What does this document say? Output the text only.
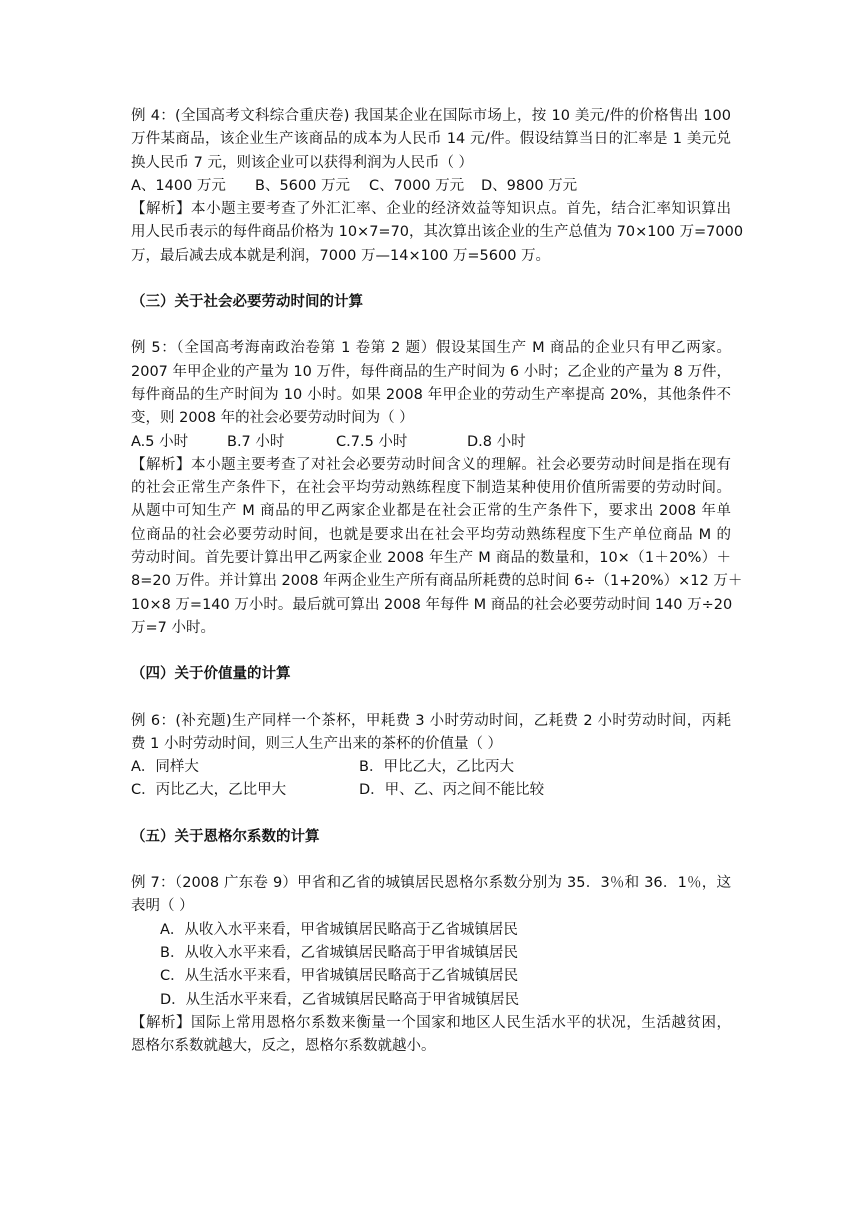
例 4：(全国高考文科综合重庆卷) 我国某企业在国际市场上，按 10 美元/件的价格售出 100

万件某商品，该企业生产该商品的成本为人民币 14 元/件。假设结算当日的汇率是 1 美元兑

换人民币 7 元，则该企业可以获得利润为人民币（ ）

A、1400 万元 B、5600 万元 C、7000 万元 D、9800 万元

【解析】本小题主要考查了外汇汇率、企业的经济效益等知识点。首先，结合汇率知识算出

用人民币表示的每件商品价格为 10×7=70，其次算出该企业的生产总值为 70×100 万=7000

万，最后减去成本就是利润，7000 万—14×100 万=5600 万。

（三）关于社会必要劳动时间的计算

例 5：（全国高考海南政治卷第 1 卷第 2 题）假设某国生产 M 商品的企业只有甲乙两家。

2007 年甲企业的产量为 10 万件，每件商品的生产时间为 6 小时；乙企业的产量为 8 万件，

每件商品的生产时间为 10 小时。如果 2008 年甲企业的劳动生产率提高 20%，其他条件不

变，则 2008 年的社会必要劳动时间为（ ）

A.5 小时	B.7 小时	C.7.5 小时	D.8 小时

【解析】本小题主要考查了对社会必要劳动时间含义的理解。社会必要劳动时间是指在现有

的社会正常生产条件下，在社会平均劳动熟练程度下制造某种使用价值所需要的劳动时间。

从题中可知生产 M 商品的甲乙两家企业都是在社会正常的生产条件下，要求出 2008 年单

位商品的社会必要劳动时间，也就是要求出在社会平均劳动熟练程度下生产单位商品 M 的

劳动时间。首先要计算出甲乙两家企业 2008 年生产 M 商品的数量和，10×（1＋20%）＋

8=20 万件。并计算出 2008 年两企业生产所有商品所耗费的总时间 6÷（1+20%）×12 万＋

10×8 万=140 万小时。最后就可算出 2008 年每件 M 商品的社会必要劳动时间 140 万÷20

万=7 小时。

（四）关于价值量的计算

例 6：(补充题)生产同样一个茶杯，甲耗费 3 小时劳动时间，乙耗费 2 小时劳动时间，丙耗

费 1 小时劳动时间，则三人生产出来的茶杯的价值量（ ）

A．同样大	B．甲比乙大，乙比丙大
C．丙比乙大，乙比甲大	D．甲、乙、丙之间不能比较

（五）关于恩格尔系数的计算

例 7：（2008 广东卷 9）甲省和乙省的城镇居民恩格尔系数分别为 35．3％和 36．1％，这

表明（ ）

A．从收入水平来看，甲省城镇居民略高于乙省城镇居民

B．从收入水平来看，乙省城镇居民略高于甲省城镇居民

C．从生活水平来看，甲省城镇居民略高于乙省城镇居民

D．从生活水平来看，乙省城镇居民略高于甲省城镇居民

【解析】国际上常用恩格尔系数来衡量一个国家和地区人民生活水平的状况，生活越贫困，

恩格尔系数就越大，反之，恩格尔系数就越小。
